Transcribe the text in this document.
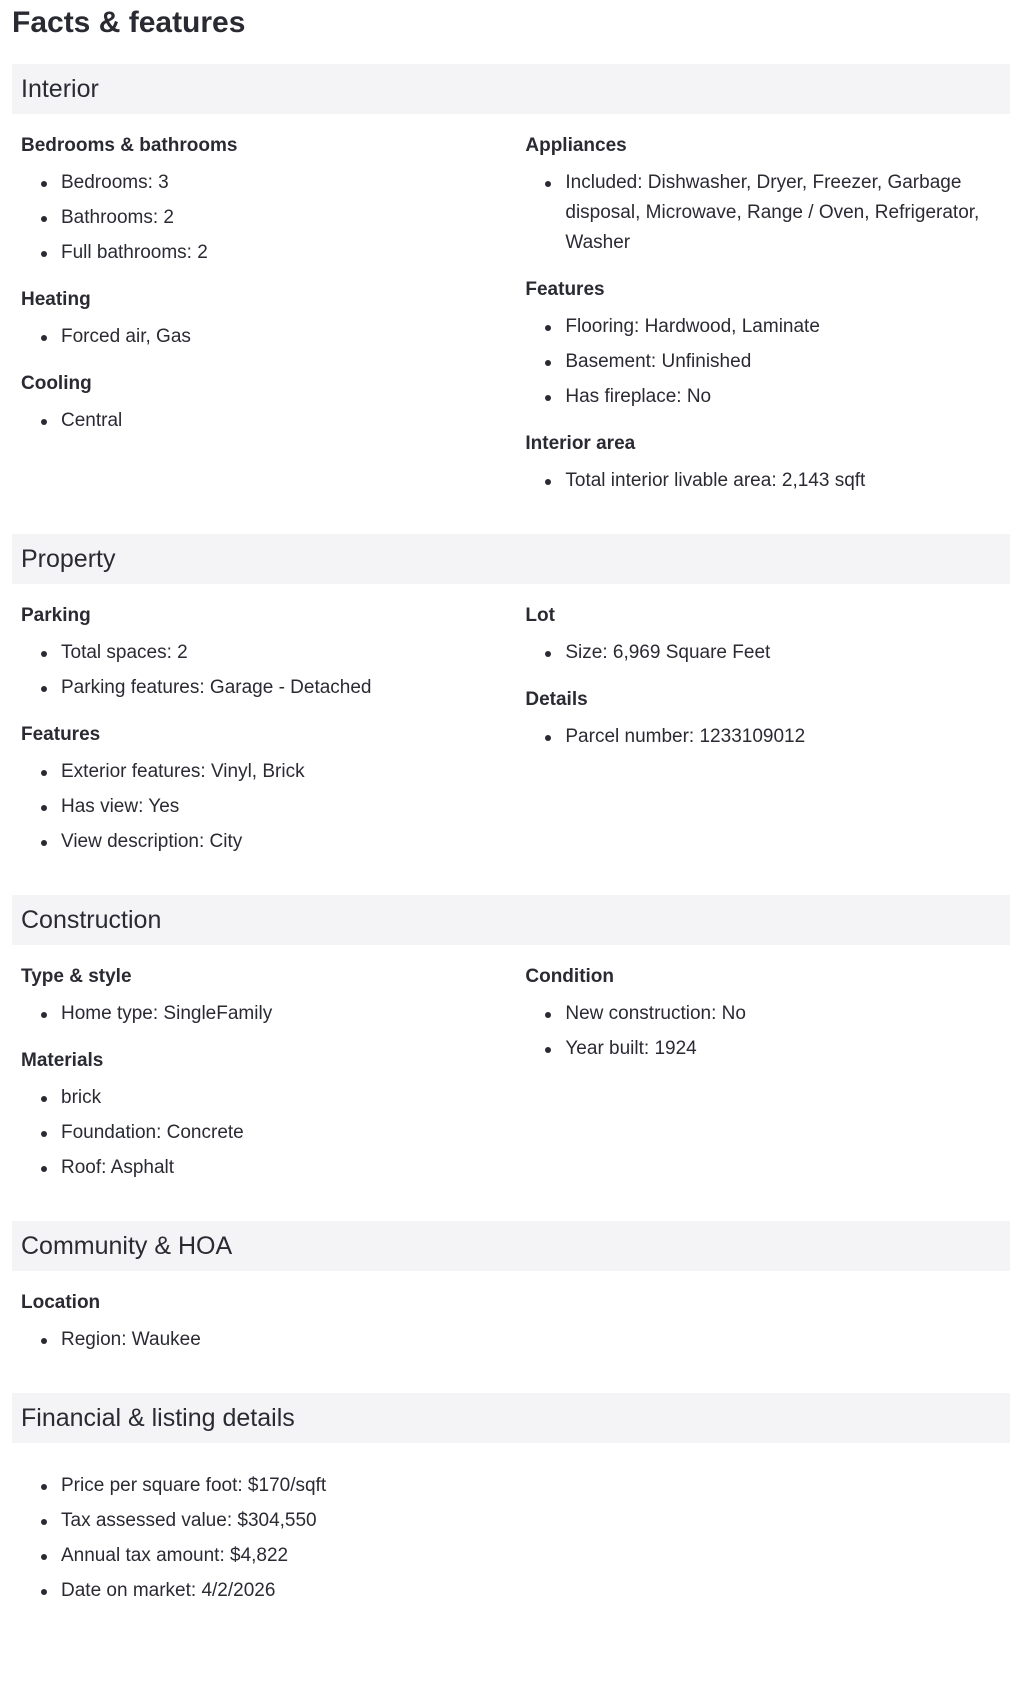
Facts & features
Interior
Bedrooms & bathrooms
Bedrooms: 3
Bathrooms: 2
Full bathrooms: 2
Heating
Forced air, Gas
Cooling
Central
Appliances
Included: Dishwasher, Dryer, Freezer, Garbage disposal, Microwave, Range / Oven, Refrigerator, Washer
Features
Flooring: Hardwood, Laminate
Basement: Unfinished
Has fireplace: No
Interior area
Total interior livable area: 2,143 sqft
Property
Parking
Total spaces: 2
Parking features: Garage - Detached
Features
Exterior features: Vinyl, Brick
Has view: Yes
View description: City
Lot
Size: 6,969 Square Feet
Details
Parcel number: 1233109012
Construction
Type & style
Home type: SingleFamily
Materials
brick
Foundation: Concrete
Roof: Asphalt
Condition
New construction: No
Year built: 1924
Community & HOA
Location
Region: Waukee
Financial & listing details
Price per square foot: $170/sqft
Tax assessed value: $304,550
Annual tax amount: $4,822
Date on market: 4/2/2026
